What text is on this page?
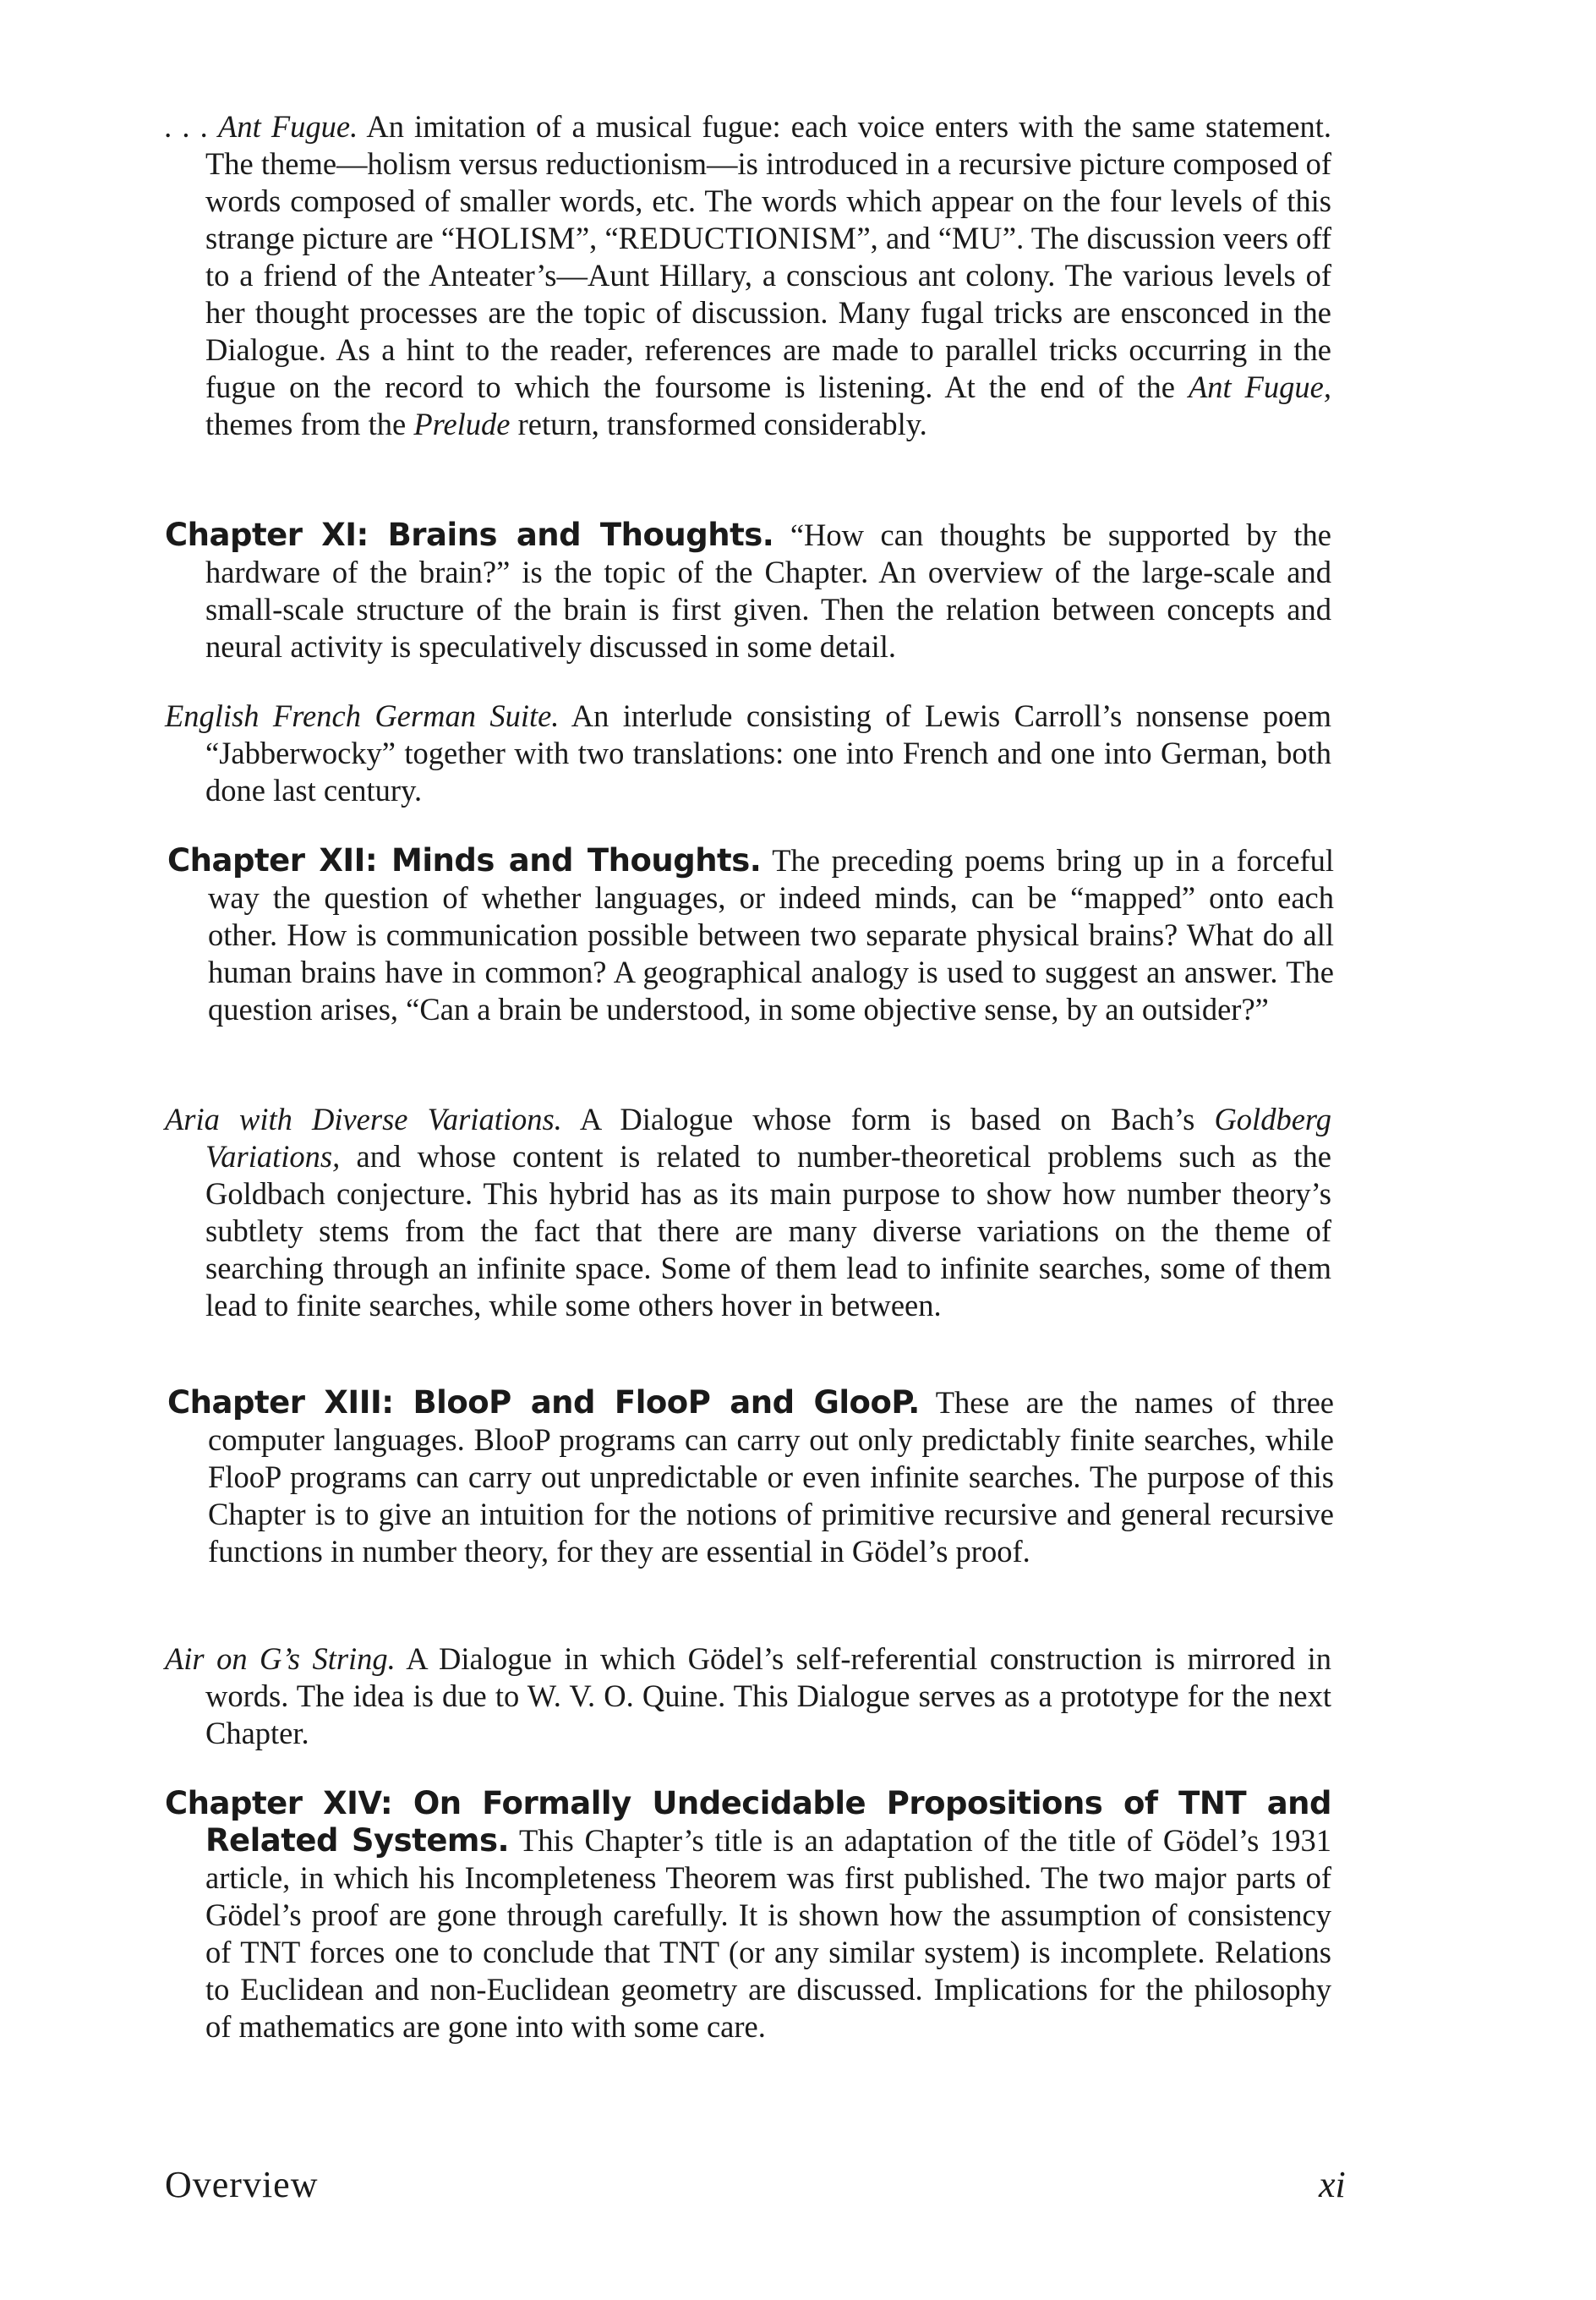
. . . Ant Fugue. An imitation of a musical fugue: each voice enters with the same statement. The theme—holism versus reductionism—is introduced in a recursive picture composed of words composed of smaller words, etc. The words which appear on the four levels of this strange picture are “HOLISM”, “REDUCTIONISM”, and “MU”. The discussion veers off to a friend of the Anteater’s—Aunt Hillary, a conscious ant colony. The various levels of her thought processes are the topic of discussion. Many fugal tricks are ensconced in the Dialogue. As a hint to the reader, references are made to parallel tricks occurring in the fugue on the record to which the foursome is listening. At the end of the Ant Fugue, themes from the Prelude return, transformed considerably.

Chapter XI: Brains and Thoughts. “How can thoughts be supported by the hardware of the brain?” is the topic of the Chapter. An overview of the large-scale and small-scale structure of the brain is first given. Then the relation between concepts and neural activity is speculatively discussed in some detail.

English French German Suite. An interlude consisting of Lewis Carroll’s nonsense poem “Jabberwocky” together with two translations: one into French and one into German, both done last century.

Chapter XII: Minds and Thoughts. The preceding poems bring up in a forceful way the question of whether languages, or indeed minds, can be “mapped” onto each other. How is communication possible between two separate physical brains? What do all human brains have in common? A geographical analogy is used to suggest an answer. The question arises, “Can a brain be understood, in some objective sense, by an outsider?”

Aria with Diverse Variations. A Dialogue whose form is based on Bach’s Goldberg Variations, and whose content is related to number-theoretical problems such as the Goldbach conjecture. This hybrid has as its main purpose to show how number theory’s subtlety stems from the fact that there are many diverse variations on the theme of searching through an infinite space. Some of them lead to infinite searches, some of them lead to finite searches, while some others hover in between.

Chapter XIII: BlooP and FlooP and GlooP. These are the names of three computer languages. BlooP programs can carry out only predictably finite searches, while FlooP programs can carry out unpredictable or even infinite searches. The purpose of this Chapter is to give an intuition for the notions of primitive recursive and general recursive functions in number theory, for they are essential in Gödel’s proof.

Air on G’s String. A Dialogue in which Gödel’s self-referential construction is mirrored in words. The idea is due to W. V. O. Quine. This Dialogue serves as a prototype for the next Chapter.

Chapter XIV: On Formally Undecidable Propositions of TNT and Related Systems. This Chapter’s title is an adaptation of the title of Gödel’s 1931 article, in which his Incompleteness Theorem was first published. The two major parts of Gödel’s proof are gone through carefully. It is shown how the assumption of consistency of TNT forces one to conclude that TNT (or any similar system) is incomplete. Relations to Euclidean and non-Euclidean geometry are discussed. Implications for the philosophy of mathematics are gone into with some care.

Overview	xi
